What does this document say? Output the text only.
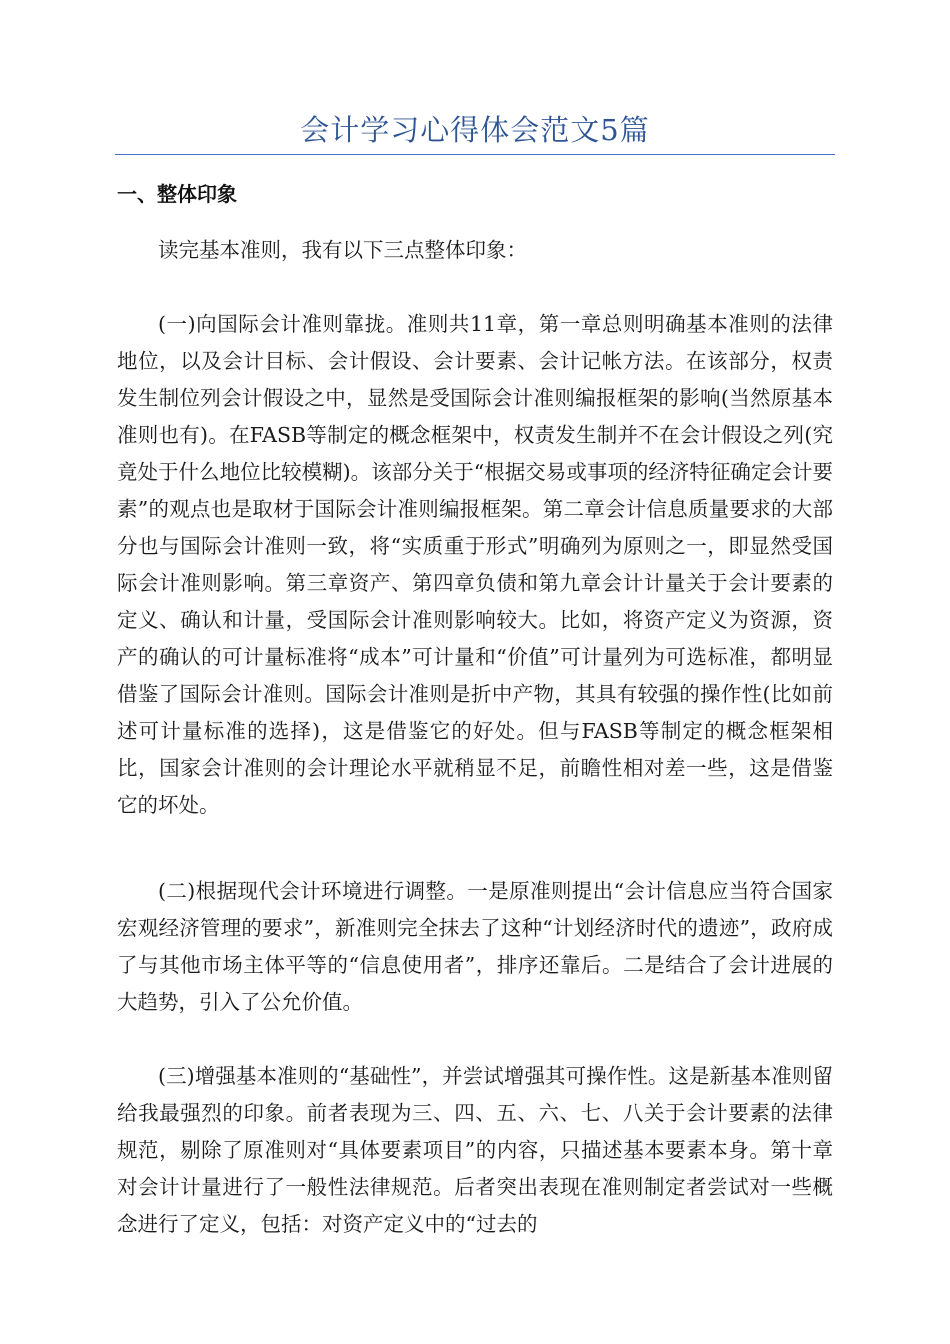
会计学习心得体会范文5篇
一、整体印象

读完基本准则，我有以下三点整体印象：

(一)向国际会计准则靠拢。准则共11章，第一章总则明确基本准则的法律地位，以及会计目标、会计假设、会计要素、会计记帐方法。在该部分，权责发生制位列会计假设之中，显然是受国际会计准则编报框架的影响(当然原基本准则也有)。在FASB等制定的概念框架中，权责发生制并不在会计假设之列(究竟处于什么地位比较模糊)。该部分关于“根据交易或事项的经济特征确定会计要素”的观点也是取材于国际会计准则编报框架。第二章会计信息质量要求的大部分也与国际会计准则一致，将“实质重于形式”明确列为原则之一，即显然受国际会计准则影响。第三章资产、第四章负债和第九章会计计量关于会计要素的定义、确认和计量，受国际会计准则影响较大。比如，将资产定义为资源，资产的确认的可计量标准将“成本”可计量和“价值”可计量列为可选标准，都明显借鉴了国际会计准则。国际会计准则是折中产物，其具有较强的操作性(比如前述可计量标准的选择)，这是借鉴它的好处。但与FASB等制定的概念框架相比，国家会计准则的会计理论水平就稍显不足，前瞻性相对差一些，这是借鉴它的坏处。

(二)根据现代会计环境进行调整。一是原准则提出“会计信息应当符合国家宏观经济管理的要求”，新准则完全抹去了这种“计划经济时代的遗迹”，政府成了与其他市场主体平等的“信息使用者”，排序还靠后。二是结合了会计进展的大趋势，引入了公允价值。

(三)增强基本准则的“基础性”，并尝试增强其可操作性。这是新基本准则留给我最强烈的印象。前者表现为三、四、五、六、七、八关于会计要素的法律规范，剔除了原准则对“具体要素项目”的内容，只描述基本要素本身。第十章对会计计量进行了一般性法律规范。后者突出表现在准则制定者尝试对一些概念进行了定义，包括：对资产定义中的“过去的
